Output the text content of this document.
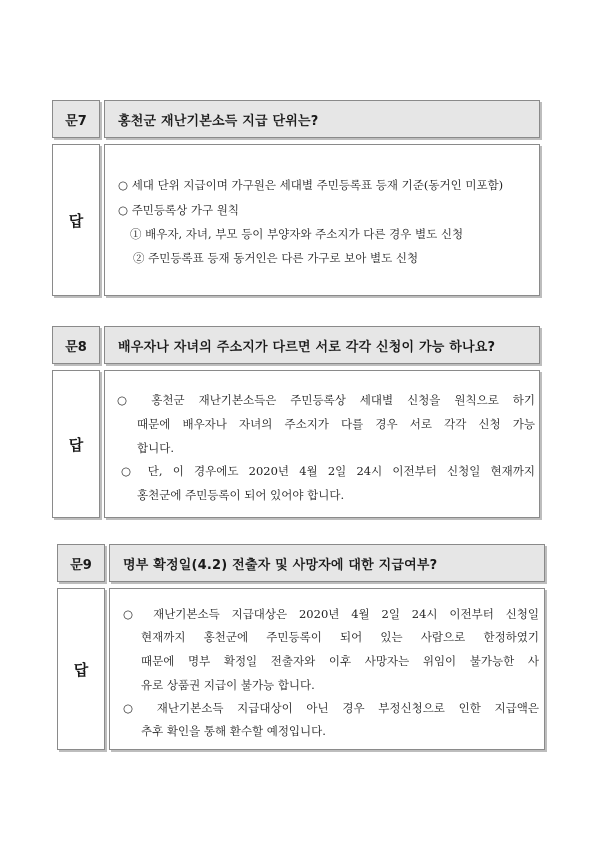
문7	홍천군 재난기본소득 지급 단위는?
답
○ 세대 단위 지급이며 가구원은 세대별 주민등록표 등재 기준(동거인 미포함)
○ 주민등록상 가구 원칙
① 배우자, 자녀, 부모 등이 부양자와 주소지가 다른 경우 별도 신청
② 주민등록표 등재 동거인은 다른 가구로 보아 별도 신청
문8	배우자나 자녀의 주소지가 다르면 서로 각각 신청이 가능 하나요?
답
○ 홍천군 재난기본소득은 주민등록상 세대별 신청을 원칙으로 하기
때문에 배우자나 자녀의 주소지가 다를 경우 서로 각각 신청 가능
합니다.
○ 단, 이 경우에도 2020년 4월 2일 24시 이전부터 신청일 현재까지
홍천군에 주민등록이 되어 있어야 합니다.
문9	명부 확정일(4.2) 전출자 및 사망자에 대한 지급여부?
답
○ 재난기본소득 지급대상은 2020년 4월 2일 24시 이전부터 신청일
현재까지 홍천군에 주민등록이 되어 있는 사람으로 한정하였기
때문에 명부 확정일 전출자와 이후 사망자는 위임이 불가능한 사
유로 상품권 지급이 불가능 합니다.
○ 재난기본소득 지급대상이 아닌 경우 부정신청으로 인한 지급액은
추후 확인을 통해 환수할 예정입니다.
